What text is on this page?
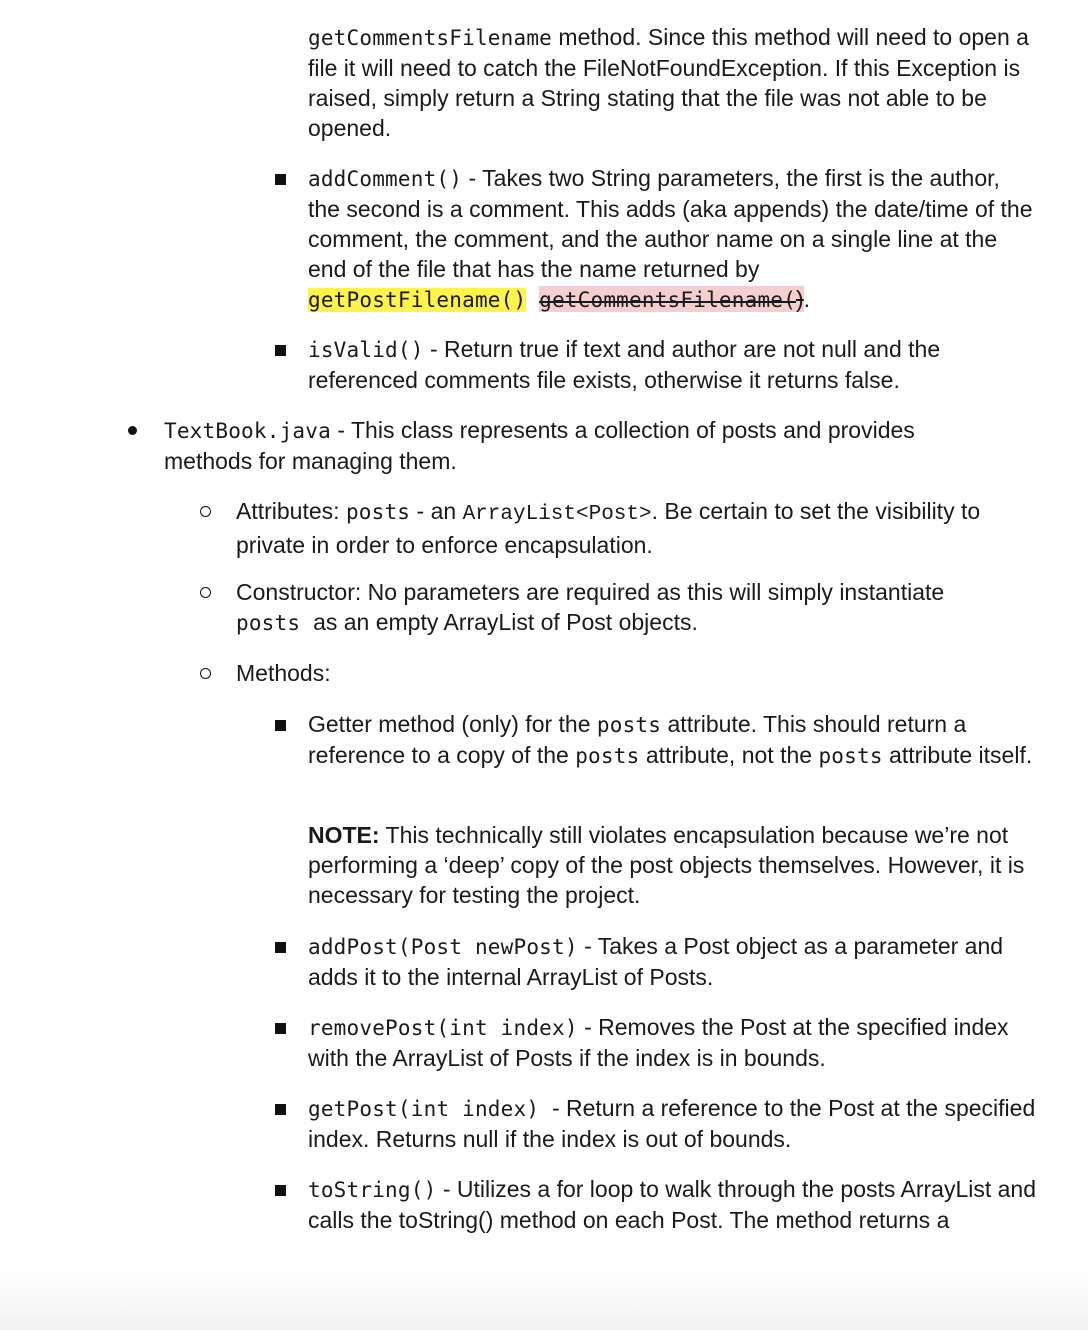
getCommentsFilename method. Since this method will need to open a file it will need to catch the FileNotFoundException. If this Exception is raised, simply return a String stating that the file was not able to be opened.
addComment() - Takes two String parameters, the first is the author, the second is a comment. This adds (aka appends) the date/time of the comment, the comment, and the author name on a single line at the end of the file that has the name returned by
getPostFilename() getCommentsFilename().
isValid() - Return true if text and author are not null and the referenced comments file exists, otherwise it returns false.
TextBook.java - This class represents a collection of posts and provides methods for managing them.
Attributes: posts - an ArrayList<Post>. Be certain to set the visibility to private in order to enforce encapsulation.
Constructor: No parameters are required as this will simply instantiate
posts as an empty ArrayList of Post objects.
Methods:
Getter method (only) for the posts attribute. This should return a reference to a copy of the posts attribute, not the posts attribute itself.
NOTE: This technically still violates encapsulation because we’re not performing a ‘deep’ copy of the post objects themselves. However, it is necessary for testing the project.
addPost(Post newPost) - Takes a Post object as a parameter and adds it to the internal ArrayList of Posts.
removePost(int index) - Removes the Post at the specified index with the ArrayList of Posts if the index is in bounds.
getPost(int index)  - Return a reference to the Post at the specified index. Returns null if the index is out of bounds.
toString() - Utilizes a for loop to walk through the posts ArrayList and calls the toString() method on each Post. The method returns a
